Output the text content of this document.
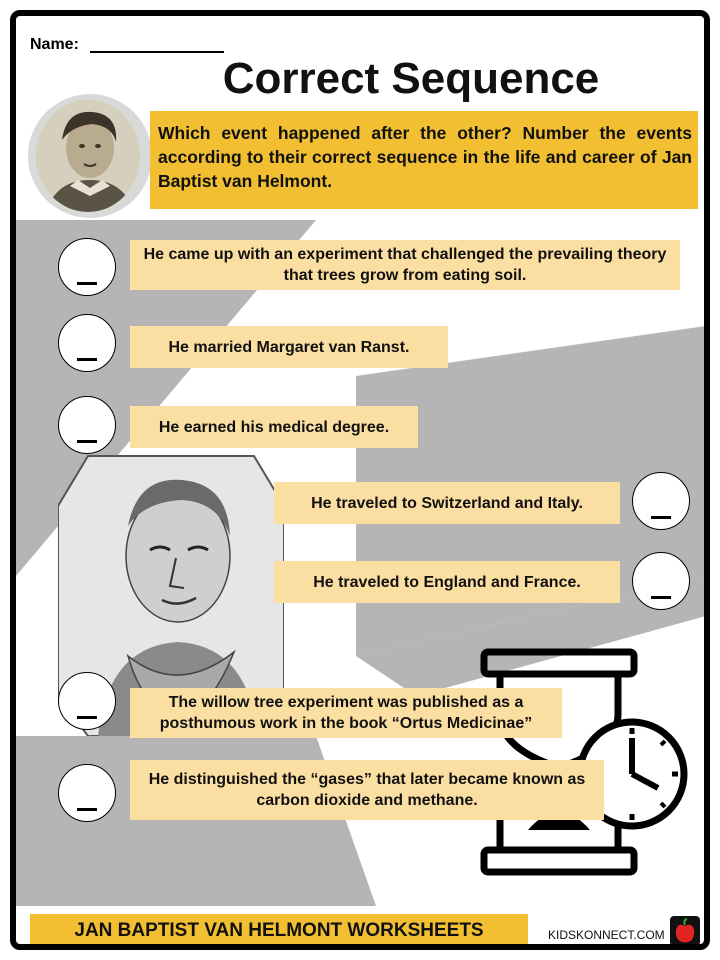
Name:
Correct Sequence
Which event happened after the other? Number the events according to their correct sequence in the life and career of Jan Baptist van Helmont.
He came up with an experiment that challenged the prevailing theory that trees grow from eating soil.
He married Margaret van Ranst.
He earned his medical degree.
He traveled to Switzerland and Italy.
He traveled to England and France.
The willow tree experiment was published as a posthumous work in the book “Ortus Medicinae”
He distinguished the “gases” that later became known as carbon dioxide and methane.
JAN BAPTIST VAN HELMONT WORKSHEETS	KIDSKONNECT.COM
